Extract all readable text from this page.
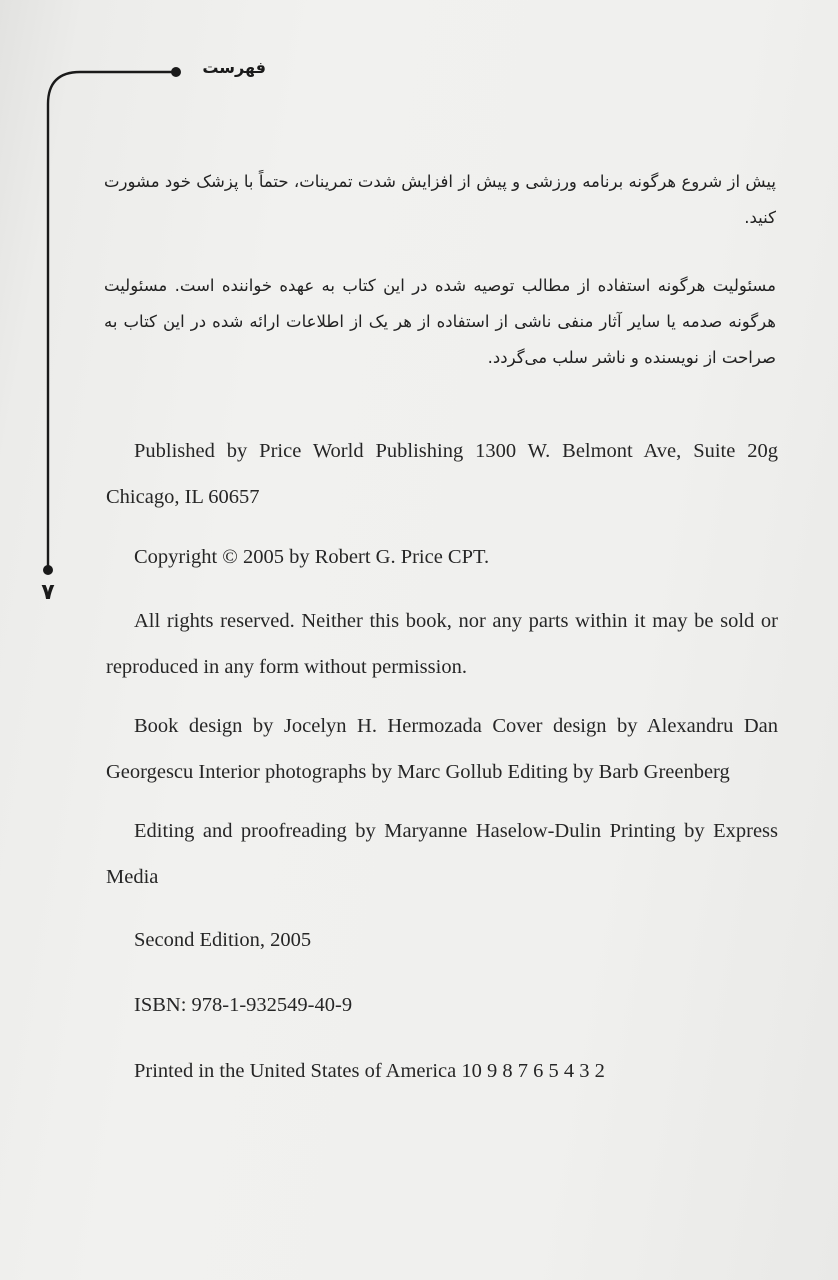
فهرست
۷

پیش از شروع هرگونه برنامه ورزشی و پیش از افزایش شدت تمرینات، حتماً با پزشک خود مشورت کنید.

مسئولیت هرگونه استفاده از مطالب توصیه شده در این کتاب به عهده خواننده است. مسئولیت هرگونه صدمه یا سایر آثار منفی ناشی از استفاده از هر یک از اطلاعات ارائه شده در این کتاب به صراحت از نویسنده و ناشر سلب می‌گردد.

Published by Price World Publishing 1300 W. Belmont Ave, Suite 20g Chicago, IL 60657

Copyright © 2005 by Robert G. Price CPT.

All rights reserved. Neither this book, nor any parts within it may be sold or reproduced in any form without permission.

Book design by Jocelyn H. Hermozada Cover design by Alexandru Dan Georgescu Interior photographs by Marc Gollub Editing by Barb Greenberg

Editing and proofreading by Maryanne Haselow-Dulin Printing by Express Media

Second Edition, 2005

ISBN: 978-1-932549-40-9

Printed in the United States of America 10 9 8 7 6 5 4 3 2
